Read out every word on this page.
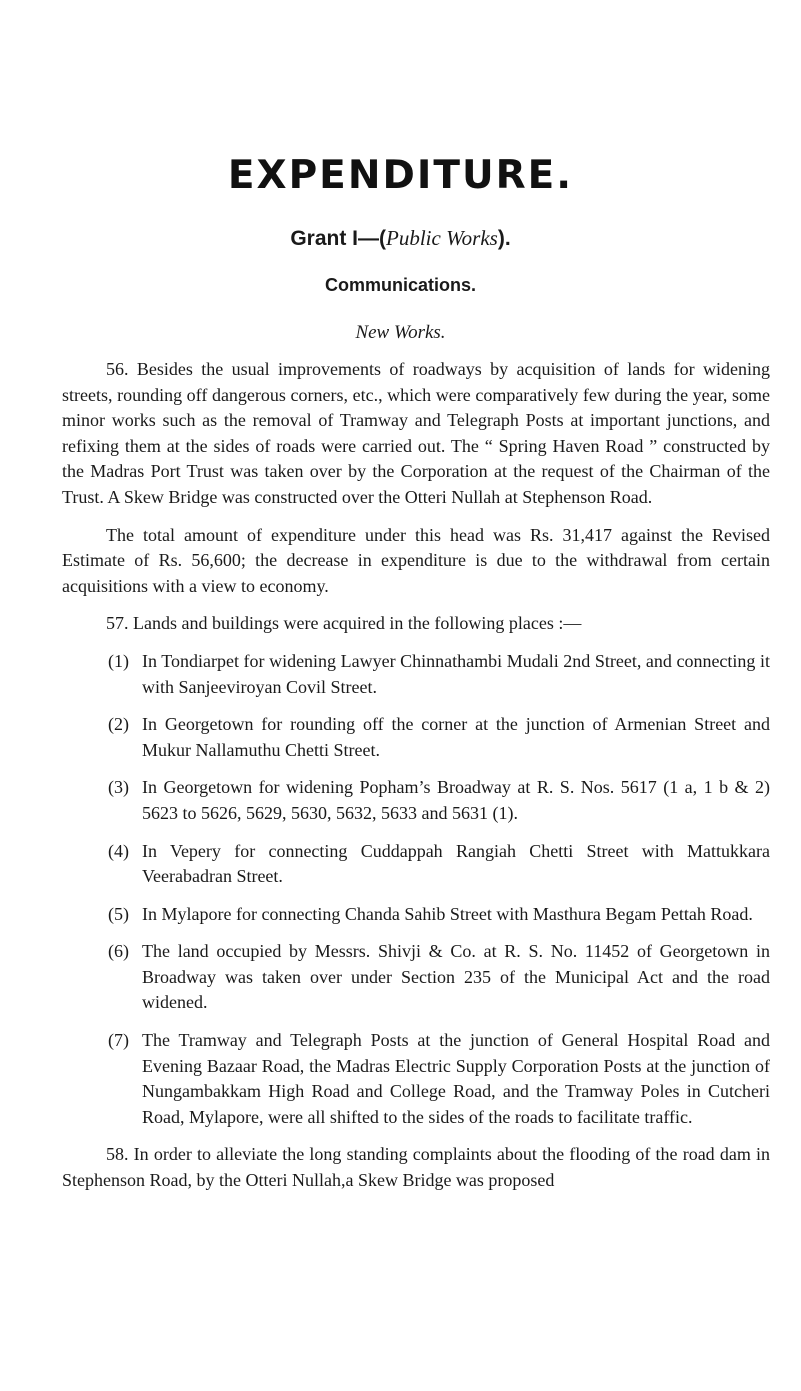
EXPENDITURE.

Grant I—(Public Works).

Communications.

New Works.

56. Besides the usual improvements of roadways by acquisition of lands for widening streets, rounding off dangerous corners, etc., which were comparatively few during the year, some minor works such as the removal of Tramway and Telegraph Posts at important junctions, and refixing them at the sides of roads were carried out. The “ Spring Haven Road ” constructed by the Madras Port Trust was taken over by the Corporation at the request of the Chairman of the Trust. A Skew Bridge was constructed over the Otteri Nullah at Stephenson Road.

The total amount of expenditure under this head was Rs. 31,417 against the Revised Estimate of Rs. 56,600; the decrease in expenditure is due to the withdrawal from certain acquisitions with a view to economy.

57. Lands and buildings were acquired in the following places :—

(1) In Tondiarpet for widening Lawyer Chinnathambi Mudali 2nd Street, and connecting it with Sanjeeviroyan Covil Street.

(2) In Georgetown for rounding off the corner at the junction of Armenian Street and Mukur Nallamuthu Chetti Street.

(3) In Georgetown for widening Popham’s Broadway at R. S. Nos. 5617 (1 a, 1 b & 2) 5623 to 5626, 5629, 5630, 5632, 5633 and 5631 (1).

(4) In Vepery for connecting Cuddappah Rangiah Chetti Street with Mattukkara Veerabadran Street.

(5) In Mylapore for connecting Chanda Sahib Street with Masthura Begam Pettah Road.

(6) The land occupied by Messrs. Shivji & Co. at R. S. No. 11452 of Georgetown in Broadway was taken over under Section 235 of the Municipal Act and the road widened.

(7) The Tramway and Telegraph Posts at the junction of General Hospital Road and Evening Bazaar Road, the Madras Electric Supply Corporation Posts at the junction of Nungambakkam High Road and College Road, and the Tramway Poles in Cutcheri Road, Mylapore, were all shifted to the sides of the roads to facilitate traffic.

58. In order to alleviate the long standing complaints about the flooding of the road dam in Stephenson Road, by the Otteri Nullah,a Skew Bridge was proposed
